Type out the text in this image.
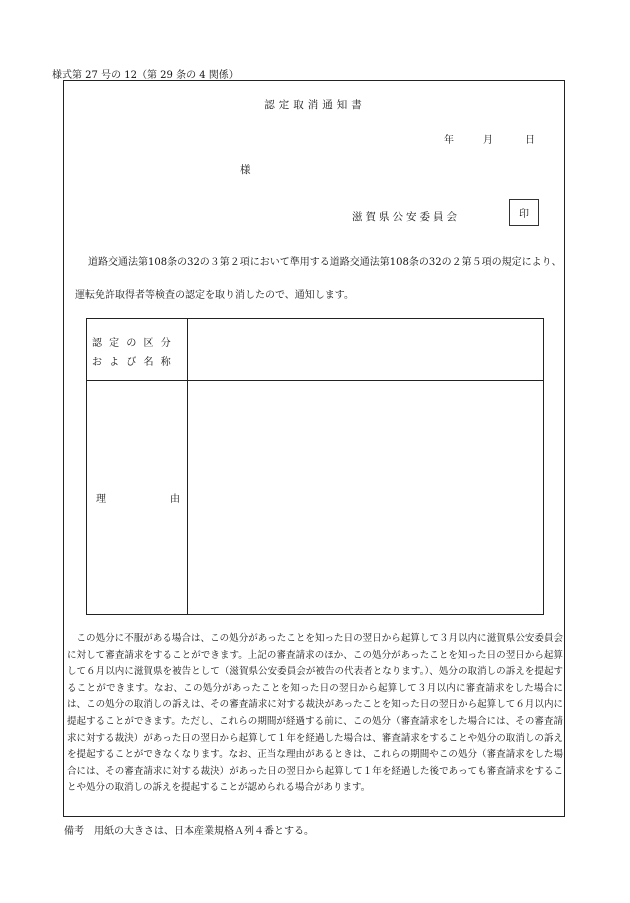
様式第 27 号の 12（第 29 条の 4 関係）
認定取消通知書
年	月	日
様
滋賀県公安委員会	印
道路交通法第108条の32の３第２項において準用する道路交通法第108条の32の２第５項の規定により、
運転免許取得者等検査の認定を取り消したので、通知します。
認 定 の 区 分
お よ び 名 称
理	由
この処分に不服がある場合は、この処分があったことを知った日の翌日から起算して３月以内に滋賀県公安委員会に対して審査請求をすることができます。上記の審査請求のほか、この処分があったことを知った日の翌日から起算して６月以内に滋賀県を被告として（滋賀県公安委員会が被告の代表者となります。）、処分の取消しの訴えを提起することができます。なお、この処分があったことを知った日の翌日から起算して３月以内に審査請求をした場合には、この処分の取消しの訴えは、その審査請求に対する裁決があったことを知った日の翌日から起算して６月以内に提起することができます。ただし、これらの期間が経過する前に、この処分（審査請求をした場合には、その審査請求に対する裁決）があった日の翌日から起算して１年を経過した場合は、審査請求をすることや処分の取消しの訴えを提起することができなくなります。なお、正当な理由があるときは、これらの期間やこの処分（審査請求をした場合には、その審査請求に対する裁決）があった日の翌日から起算して１年を経過した後であっても審査請求をすることや処分の取消しの訴えを提起することが認められる場合があります。
備考　用紙の大きさは、日本産業規格Ａ列４番とする。
